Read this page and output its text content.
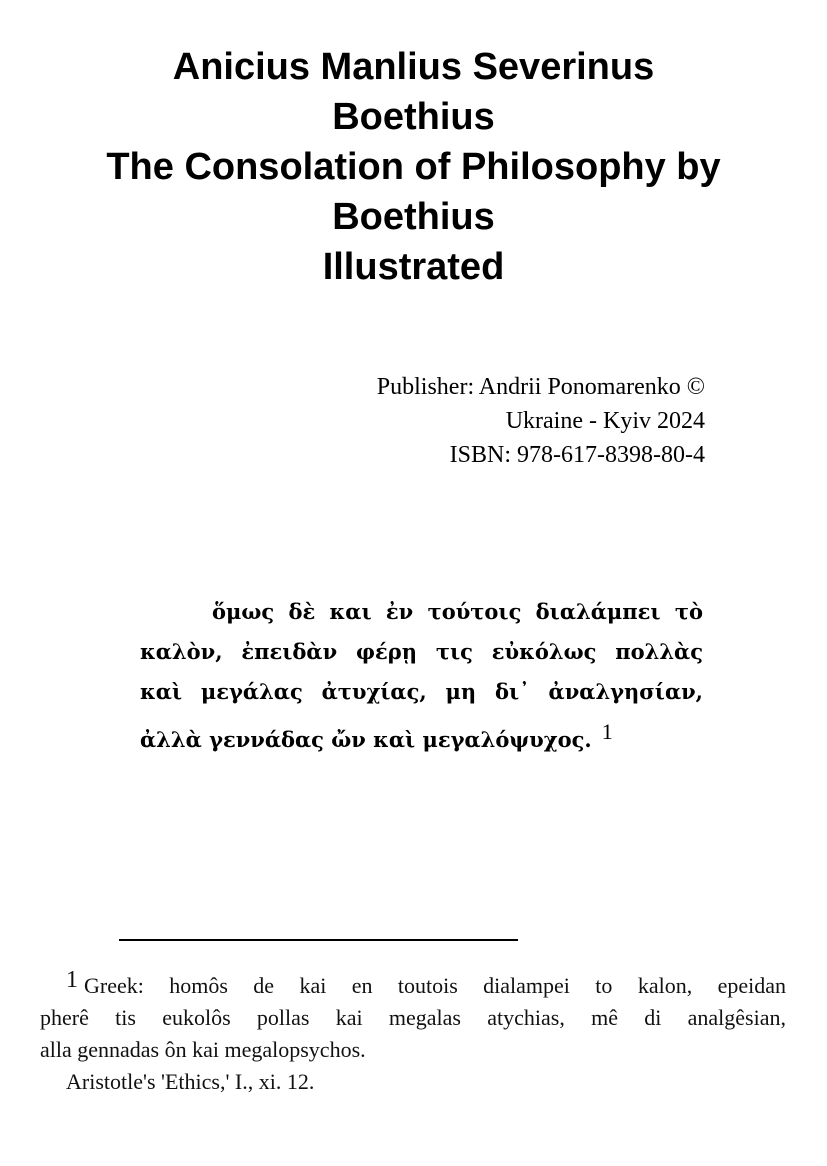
Anicius Manlius Severinus
Boethius
The Consolation of Philosophy by
Boethius
Illustrated
Publisher: Andrii Ponomarenko ©
Ukraine - Kyiv 2024
ISBN: 978-617-8398-80-4
ὅμως δὲ και ἐν τούτοις διαλάμπει τὸ
καλὸν, ἐπειδὰν φέρῃ τις εὐκόλως πολλὰς
καὶ μεγάλας ἀτυχίας, μη δι᾽ ἀναλγησίαν,
ἀλλὰ γεννάδας ὤν καὶ μεγαλόψυχος. 1
1 Greek: homôs de kai en toutois dialampei to kalon, epeidan
pherê tis eukolôs pollas kai megalas atychias, mê di analgêsian,
alla gennadas ôn kai megalopsychos.
Aristotle's 'Ethics,' I., xi. 12.
